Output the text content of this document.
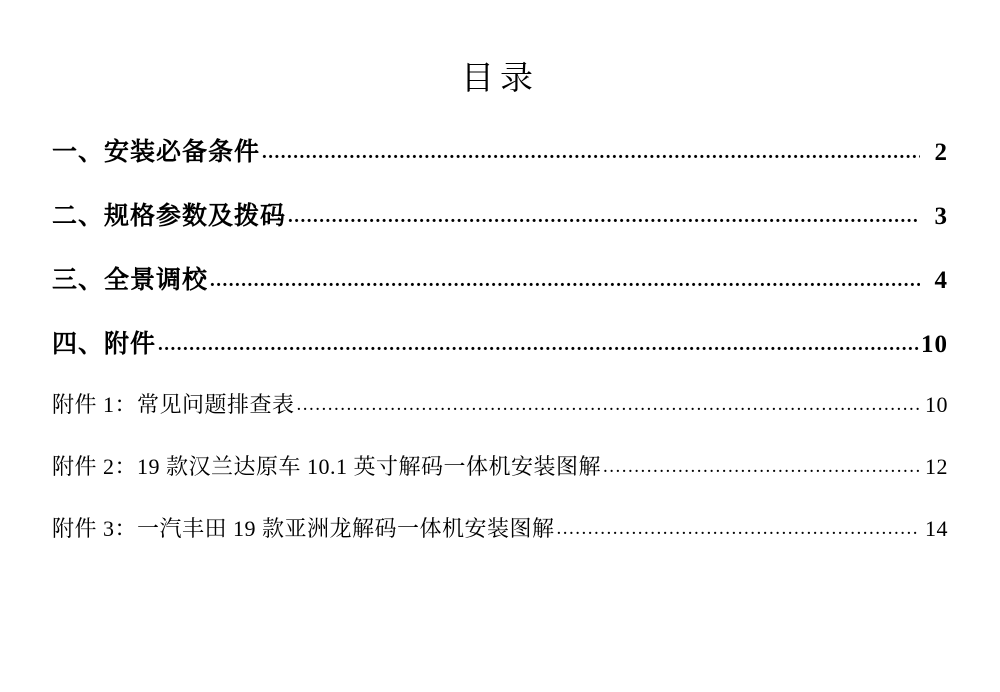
目录
一、安装必备条件 .....	2
二、规格参数及拨码 .....	3
三、全景调校 .....	4
四、附件 .....	10
附件 1：常见问题排查表 .....	10
附件 2：19 款汉兰达原车 10.1 英寸解码一体机安装图解 .....	12
附件 3：一汽丰田 19 款亚洲龙解码一体机安装图解 .....	14
